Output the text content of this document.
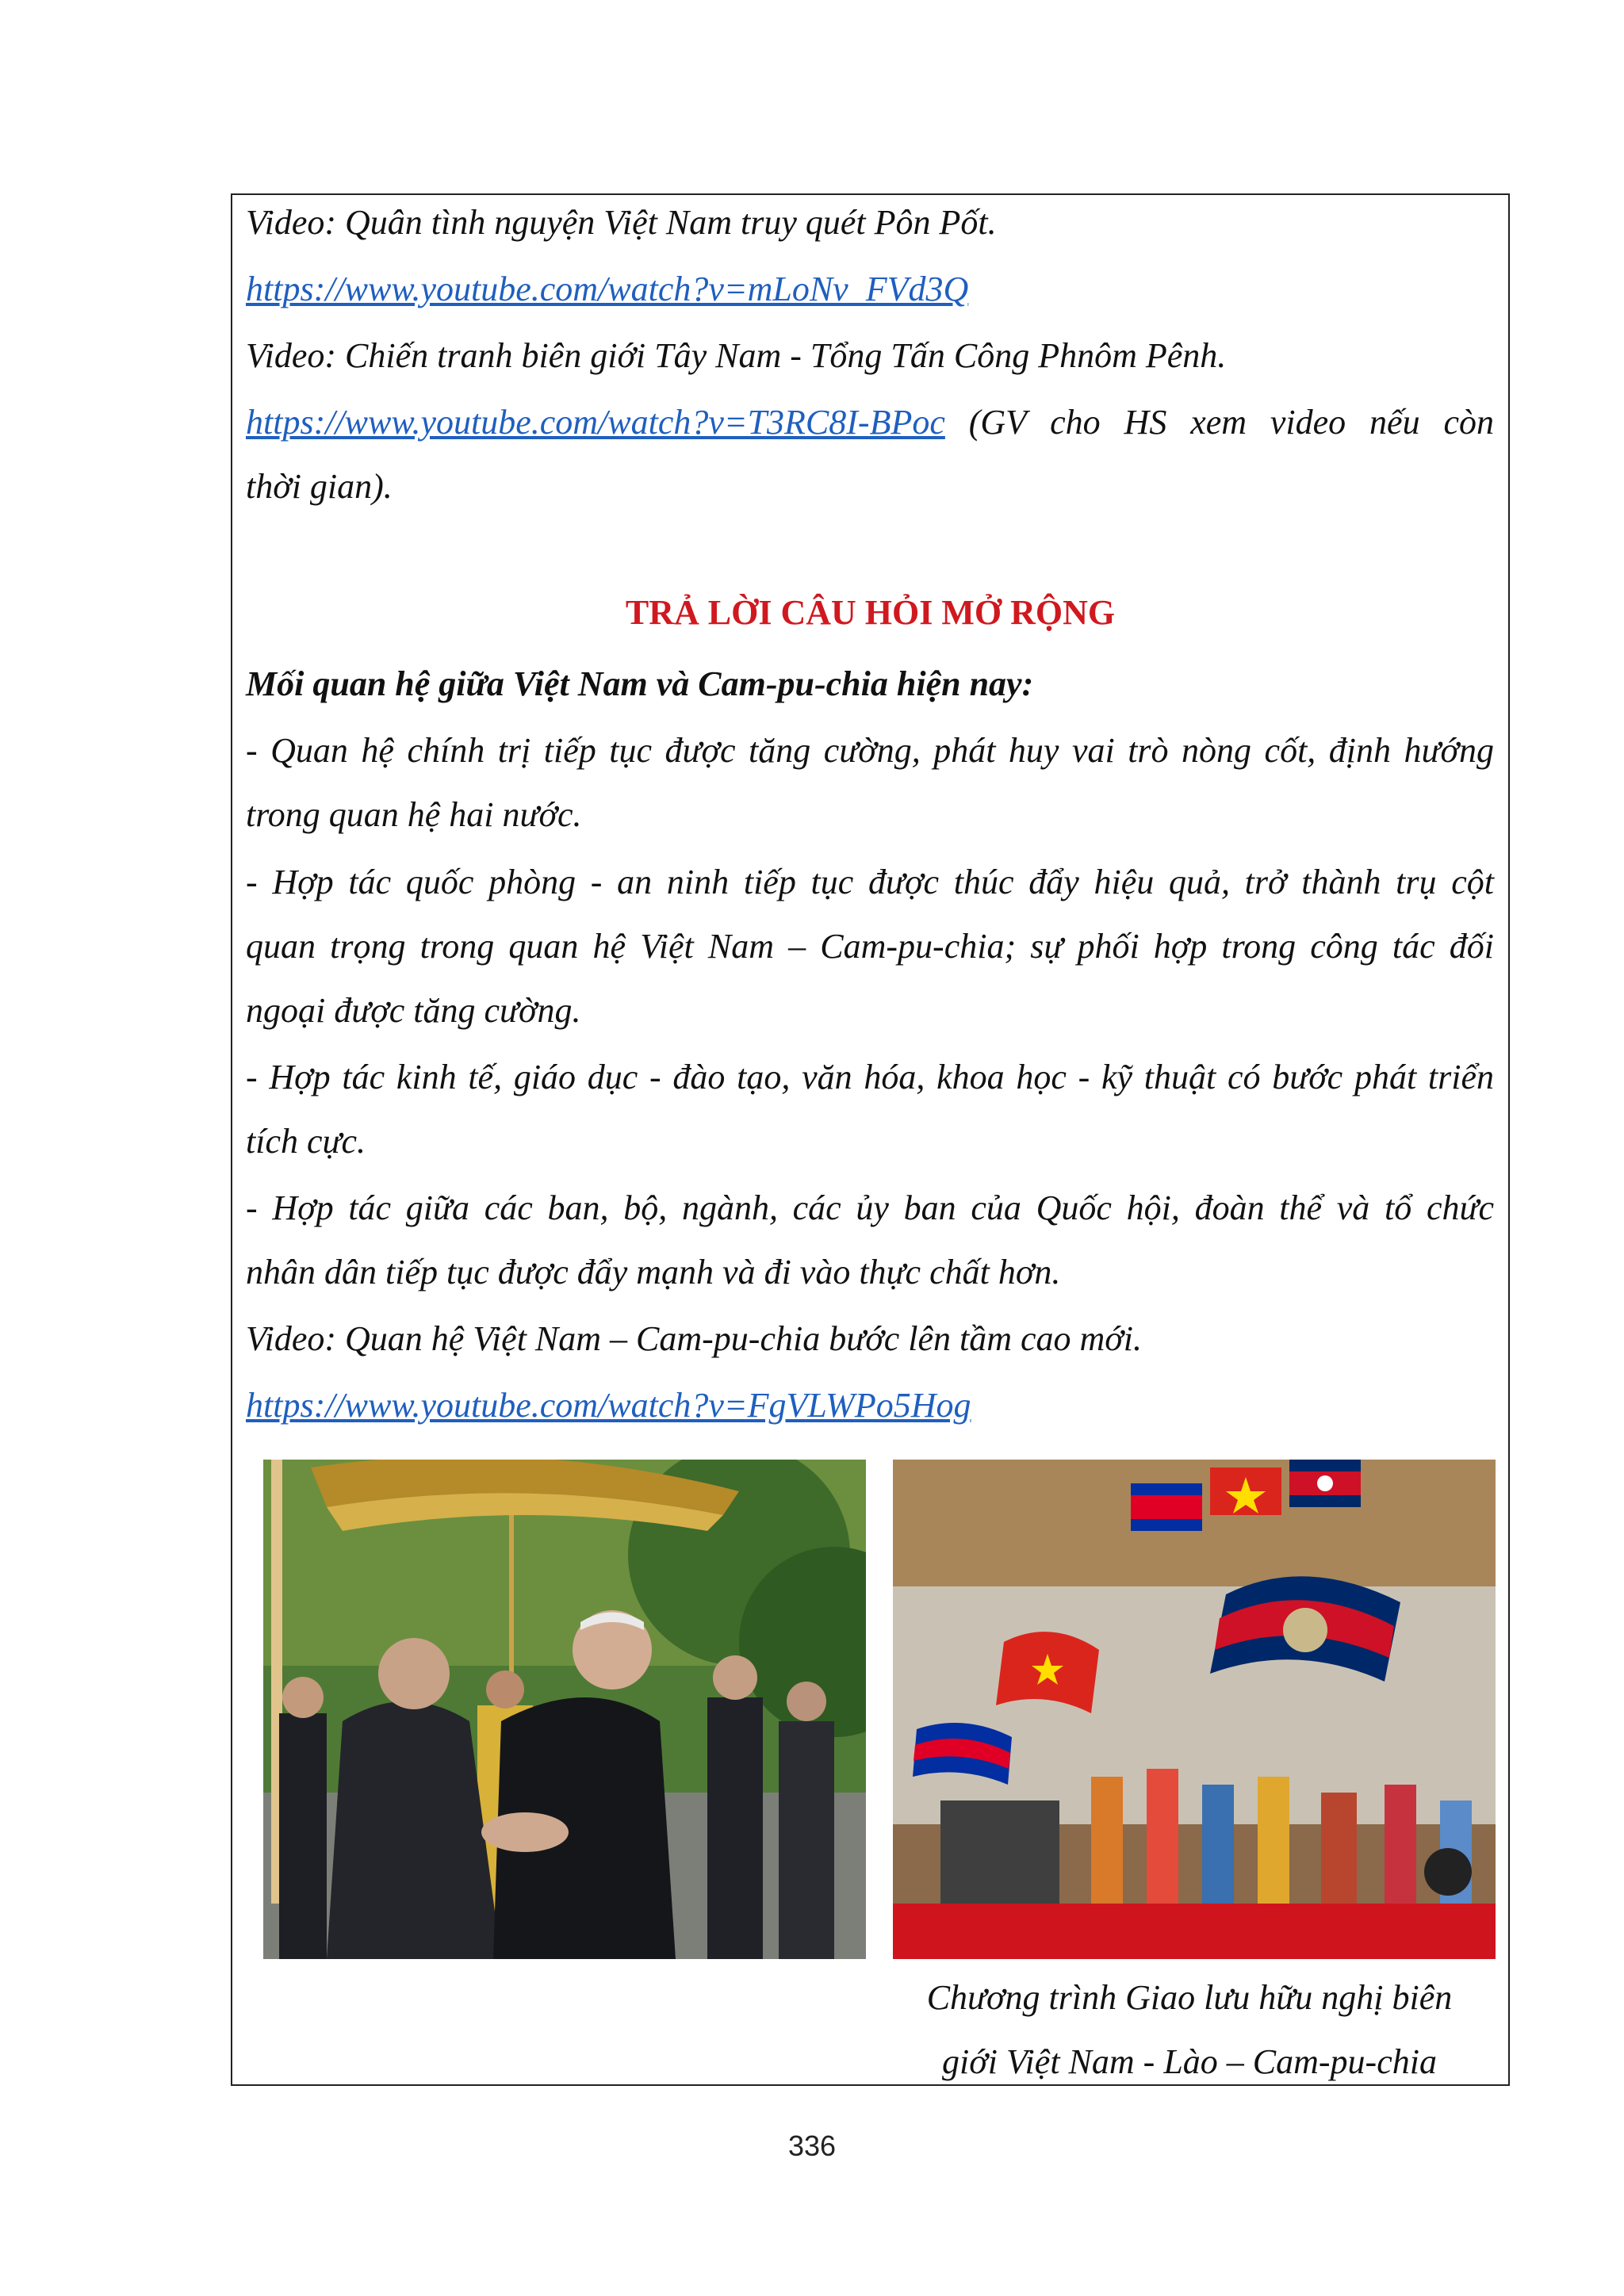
Video: Quân tình nguyện Việt Nam truy quét Pôn Pốt.
https://www.youtube.com/watch?v=mLoNv_FVd3Q
Video: Chiến tranh biên giới Tây Nam - Tổng Tấn Công Phnôm Pênh.
https://www.youtube.com/watch?v=T3RC8I-BPoc (GV cho HS xem video nếu còn
thời gian).
TRẢ LỜI CÂU HỎI MỞ RỘNG
Mối quan hệ giữa Việt Nam và Cam-pu-chia hiện nay:
- Quan hệ chính trị tiếp tục được tăng cường, phát huy vai trò nòng cốt, định hướng
trong quan hệ hai nước.
- Hợp tác quốc phòng - an ninh tiếp tục được thúc đẩy hiệu quả, trở thành trụ cột
quan trọng trong quan hệ Việt Nam – Cam-pu-chia; sự phối hợp trong công tác đối
ngoại được tăng cường.
- Hợp tác kinh tế, giáo dục - đào tạo, văn hóa, khoa học - kỹ thuật có bước phát triển
tích cực.
- Hợp tác giữa các ban, bộ, ngành, các ủy ban của Quốc hội, đoàn thể và tổ chức
nhân dân tiếp tục được đẩy mạnh và đi vào thực chất hơn.
Video: Quan hệ Việt Nam – Cam-pu-chia bước lên tầm cao mới.
https://www.youtube.com/watch?v=FgVLWPo5Hog
Chương trình Giao lưu hữu nghị biên
giới Việt Nam - Lào – Cam-pu-chia
336
